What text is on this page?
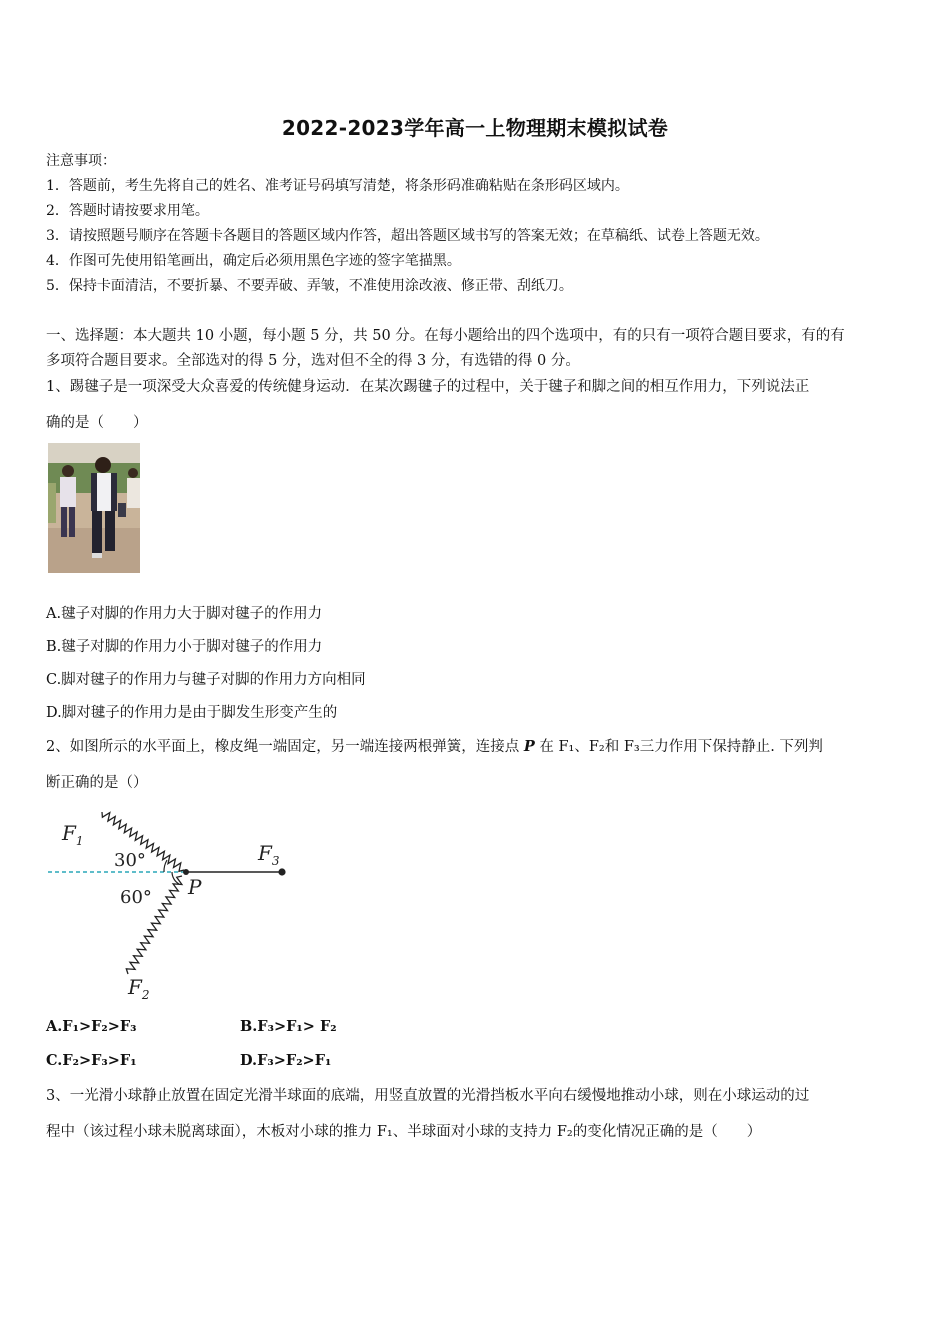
2022-2023学年高一上物理期末模拟试卷
注意事项：
1．答题前，考生先将自己的姓名、准考证号码填写清楚，将条形码准确粘贴在条形码区域内。
2．答题时请按要求用笔。
3．请按照题号顺序在答题卡各题目的答题区域内作答，超出答题区域书写的答案无效；在草稿纸、试卷上答题无效。
4．作图可先使用铅笔画出，确定后必须用黑色字迹的签字笔描黑。
5．保持卡面清洁，不要折暴、不要弄破、弄皱，不准使用涂改液、修正带、刮纸刀。
一、选择题：本大题共 10 小题，每小题 5 分，共 50 分。在每小题给出的四个选项中，有的只有一项符合题目要求，有的有
多项符合题目要求。全部选对的得 5 分，选对但不全的得 3 分，有选错的得 0 分。
1、踢毽子是一项深受大众喜爱的传统健身运动．在某次踢毽子的过程中，关于毽子和脚之间的相互作用力，下列说法正
确的是（　　）
A.毽子对脚的作用力大于脚对毽子的作用力
B.毽子对脚的作用力小于脚对毽子的作用力
C.脚对毽子的作用力与毽子对脚的作用力方向相同
D.脚对毽子的作用力是由于脚发生形变产生的
2、如图所示的水平面上，橡皮绳一端固定，另一端连接两根弹簧，连接点 P 在 F₁、F₂和 F₃三力作用下保持静止. 下列判
断正确的是（）
$F_1$
30°	$F_3$
60° P
$F_2$
A.F₁>F₂>F₃	B.F₃>F₁> F₂
C.F₂>F₃>F₁	D.F₃>F₂>F₁
3、一光滑小球静止放置在固定光滑半球面的底端，用竖直放置的光滑挡板水平向右缓慢地推动小球，则在小球运动的过
程中（该过程小球未脱离球面），木板对小球的推力 F₁、半球面对小球的支持力 F₂的变化情况正确的是（　　）
